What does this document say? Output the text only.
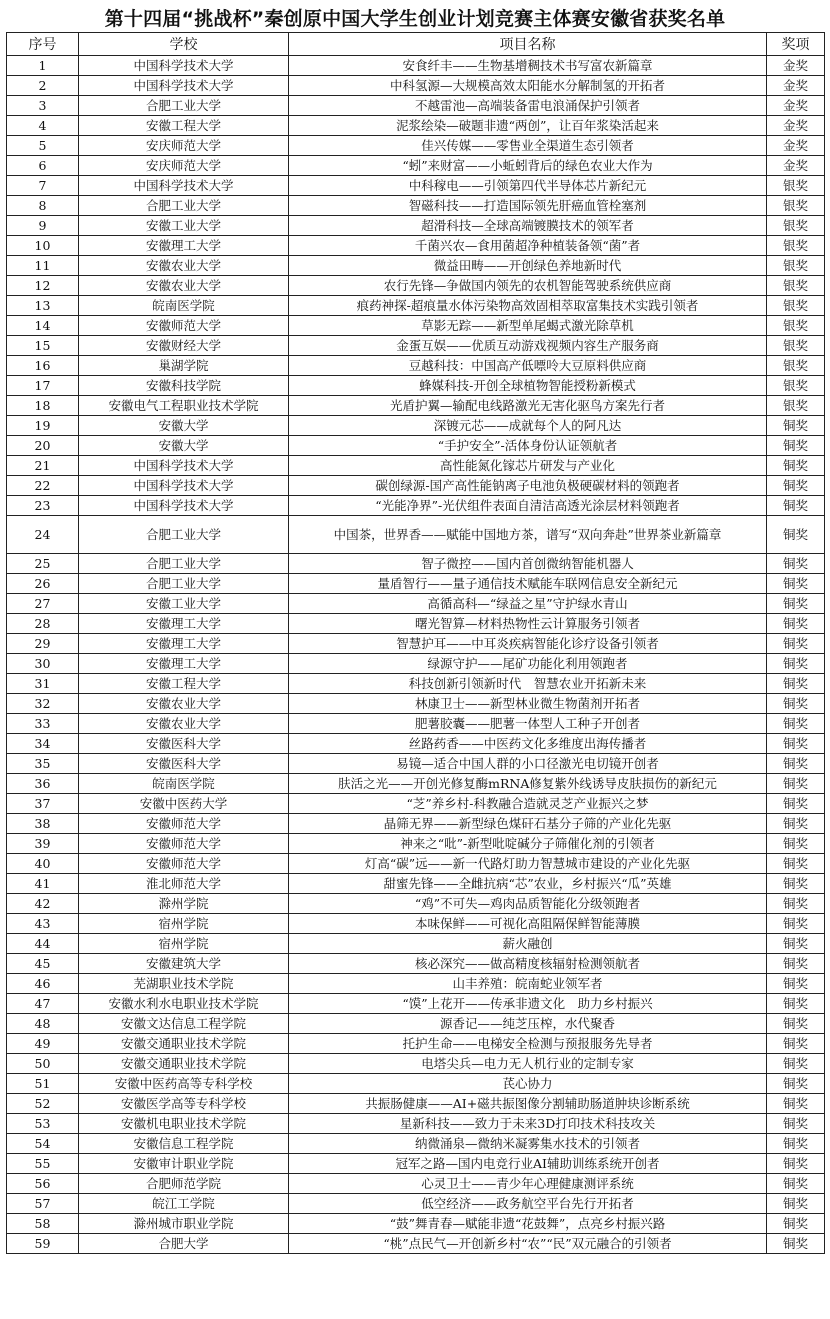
第十四届“挑战杯”秦创原中国大学生创业计划竞赛主体赛安徽省获奖名单
序号	学校	项目名称	奖项
1	中国科学技术大学	安食纤丰——生物基增稠技术书写富农新篇章	金奖
2	中国科学技术大学	中科氢源—大规模高效太阳能水分解制氢的开拓者	金奖
3	合肥工业大学	不越雷池—高端装备雷电浪涌保护引领者	金奖
4	安徽工程大学	泥浆绘染—破题非遗“两创”，让百年浆染活起来	金奖
5	安庆师范大学	佳兴传媒——零售业全渠道生态引领者	金奖
6	安庆师范大学	“蚓”来财富——小蚯蚓背后的绿色农业大作为	金奖
7	中国科学技术大学	中科稼电——引领第四代半导体芯片新纪元	银奖
8	合肥工业大学	智磁科技——打造国际领先肝癌血管栓塞剂	银奖
9	安徽工业大学	超滑科技—全球高端镀膜技术的领军者	银奖
10	安徽理工大学	千菌兴农—食用菌超净种植装备领“菌”者	银奖
11	安徽农业大学	微益田畴——开创绿色养地新时代	银奖
12	安徽农业大学	农行先锋—争做国内领先的农机智能驾驶系统供应商	银奖
13	皖南医学院	痕药神探-超痕量水体污染物高效固相萃取富集技术实践引领者	银奖
14	安徽师范大学	草影无踪——新型单尾蝎式激光除草机	银奖
15	安徽财经大学	金蛋互娱——优质互动游戏视频内容生产服务商	银奖
16	巢湖学院	豆越科技：中国高产低嘌呤大豆原料供应商	银奖
17	安徽科技学院	蜂媒科技-开创全球植物智能授粉新模式	银奖
18	安徽电气工程职业技术学院	光盾护翼—输配电线路激光无害化驱鸟方案先行者	银奖
19	安徽大学	深镀元芯——成就每个人的阿凡达	铜奖
20	安徽大学	“手护安全”-活体身份认证领航者	铜奖
21	中国科学技术大学	高性能氮化镓芯片研发与产业化	铜奖
22	中国科学技术大学	碳创绿源-国产高性能钠离子电池负极硬碳材料的领跑者	铜奖
23	中国科学技术大学	“光能净界”-光伏组件表面自清洁高透光涂层材料领跑者	铜奖
24	合肥工业大学	中国茶，世界香——赋能中国地方茶，谱写“双向奔赴”世界茶业新篇章	铜奖
25	合肥工业大学	智子微控——国内首创微纳智能机器人	铜奖
26	合肥工业大学	量盾智行——量子通信技术赋能车联网信息安全新纪元	铜奖
27	安徽工业大学	高循高科—“绿益之星”守护绿水青山	铜奖
28	安徽理工大学	曙光智算—材料热物性云计算服务引领者	铜奖
29	安徽理工大学	智慧护耳——中耳炎疾病智能化诊疗设备引领者	铜奖
30	安徽理工大学	绿源守护——尾矿功能化利用领跑者	铜奖
31	安徽工程大学	科技创新引领新时代　智慧农业开拓新未来	铜奖
32	安徽农业大学	林康卫士——新型林业微生物菌剂开拓者	铜奖
33	安徽农业大学	肥薯胶囊——肥薯一体型人工种子开创者	铜奖
34	安徽医科大学	丝路药香——中医药文化多维度出海传播者	铜奖
35	安徽医科大学	易镜—适合中国人群的小口径激光电切镜开创者	铜奖
36	皖南医学院	肤活之光——开创光修复酶mRNA修复紫外线诱导皮肤损伤的新纪元	铜奖
37	安徽中医药大学	“芝”养乡村-科教融合造就灵芝产业振兴之梦	铜奖
38	安徽师范大学	晶筛无界——新型绿色煤矸石基分子筛的产业化先驱	铜奖
39	安徽师范大学	神来之“吡”-新型吡啶碱分子筛催化剂的引领者	铜奖
40	安徽师范大学	灯高“碳”远——新一代路灯助力智慧城市建设的产业化先驱	铜奖
41	淮北师范大学	甜蜜先锋——全雌抗病“芯”农业，乡村振兴“瓜”英雄	铜奖
42	滁州学院	“鸡”不可失—鸡肉品质智能化分级领跑者	铜奖
43	宿州学院	本味保鲜——可视化高阻隔保鲜智能薄膜	铜奖
44	宿州学院	薪火融创	铜奖
45	安徽建筑大学	核必深究——做高精度核辐射检测领航者	铜奖
46	芜湖职业技术学院	山丰养殖：皖南蛇业领军者	铜奖
47	安徽水利水电职业技术学院	“馍”上花开——传承非遗文化　助力乡村振兴	铜奖
48	安徽文达信息工程学院	源香记——纯芝压榨，水代聚香	铜奖
49	安徽交通职业技术学院	托护生命——电梯安全检测与预报服务先导者	铜奖
50	安徽交通职业技术学院	电塔尖兵—电力无人机行业的定制专家	铜奖
51	安徽中医药高等专科学校	芪心协力	铜奖
52	安徽医学高等专科学校	共振肠健康——AI+磁共振图像分割辅助肠道肿块诊断系统	铜奖
53	安徽机电职业技术学院	星新科技——致力于未来3D打印技术科技攻关	铜奖
54	安徽信息工程学院	纳微涌泉—微纳米凝雾集水技术的引领者	铜奖
55	安徽审计职业学院	冠军之路—国内电竞行业AI辅助训练系统开创者	铜奖
56	合肥师范学院	心灵卫士——青少年心理健康测评系统	铜奖
57	皖江工学院	低空经济——政务航空平台先行开拓者	铜奖
58	滁州城市职业学院	“鼓”舞青春—赋能非遗“花鼓舞”，点亮乡村振兴路	铜奖
59	合肥大学	“桃”点民气—开创新乡村“农”“民”双元融合的引领者	铜奖
